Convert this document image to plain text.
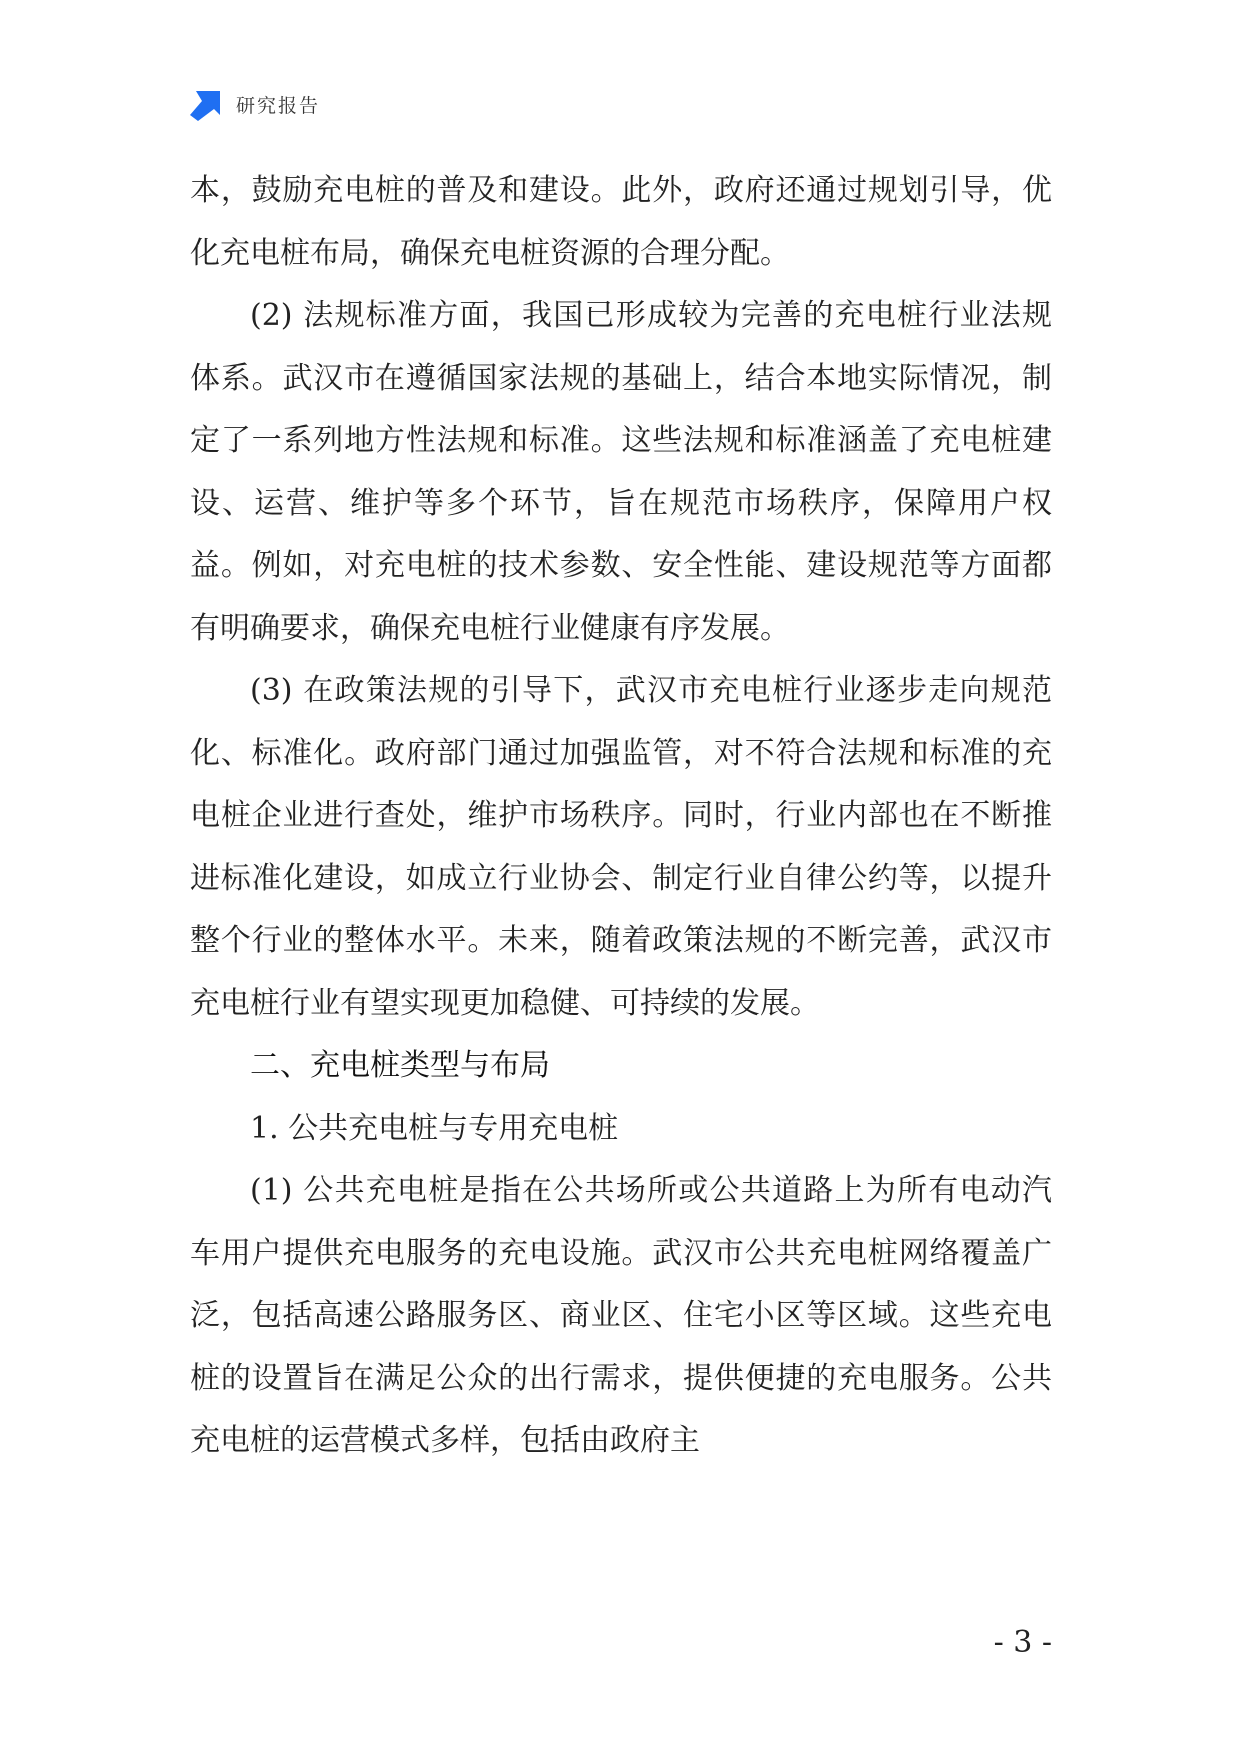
研究报告

本，鼓励充电桩的普及和建设。此外，政府还通过规划引导，优化充电桩布局，确保充电桩资源的合理分配。

(2) 法规标准方面，我国已形成较为完善的充电桩行业法规体系。武汉市在遵循国家法规的基础上，结合本地实际情况，制定了一系列地方性法规和标准。这些法规和标准涵盖了充电桩建设、运营、维护等多个环节，旨在规范市场秩序，保障用户权益。例如，对充电桩的技术参数、安全性能、建设规范等方面都有明确要求，确保充电桩行业健康有序发展。

(3) 在政策法规的引导下，武汉市充电桩行业逐步走向规范化、标准化。政府部门通过加强监管，对不符合法规和标准的充电桩企业进行查处，维护市场秩序。同时，行业内部也在不断推进标准化建设，如成立行业协会、制定行业自律公约等，以提升整个行业的整体水平。未来，随着政策法规的不断完善，武汉市充电桩行业有望实现更加稳健、可持续的发展。

二、充电桩类型与布局

1. 公共充电桩与专用充电桩

(1) 公共充电桩是指在公共场所或公共道路上为所有电动汽车用户提供充电服务的充电设施。武汉市公共充电桩网络覆盖广泛，包括高速公路服务区、商业区、住宅小区等区域。这些充电桩的设置旨在满足公众的出行需求，提供便捷的充电服务。公共充电桩的运营模式多样，包括由政府主

- 3 -
